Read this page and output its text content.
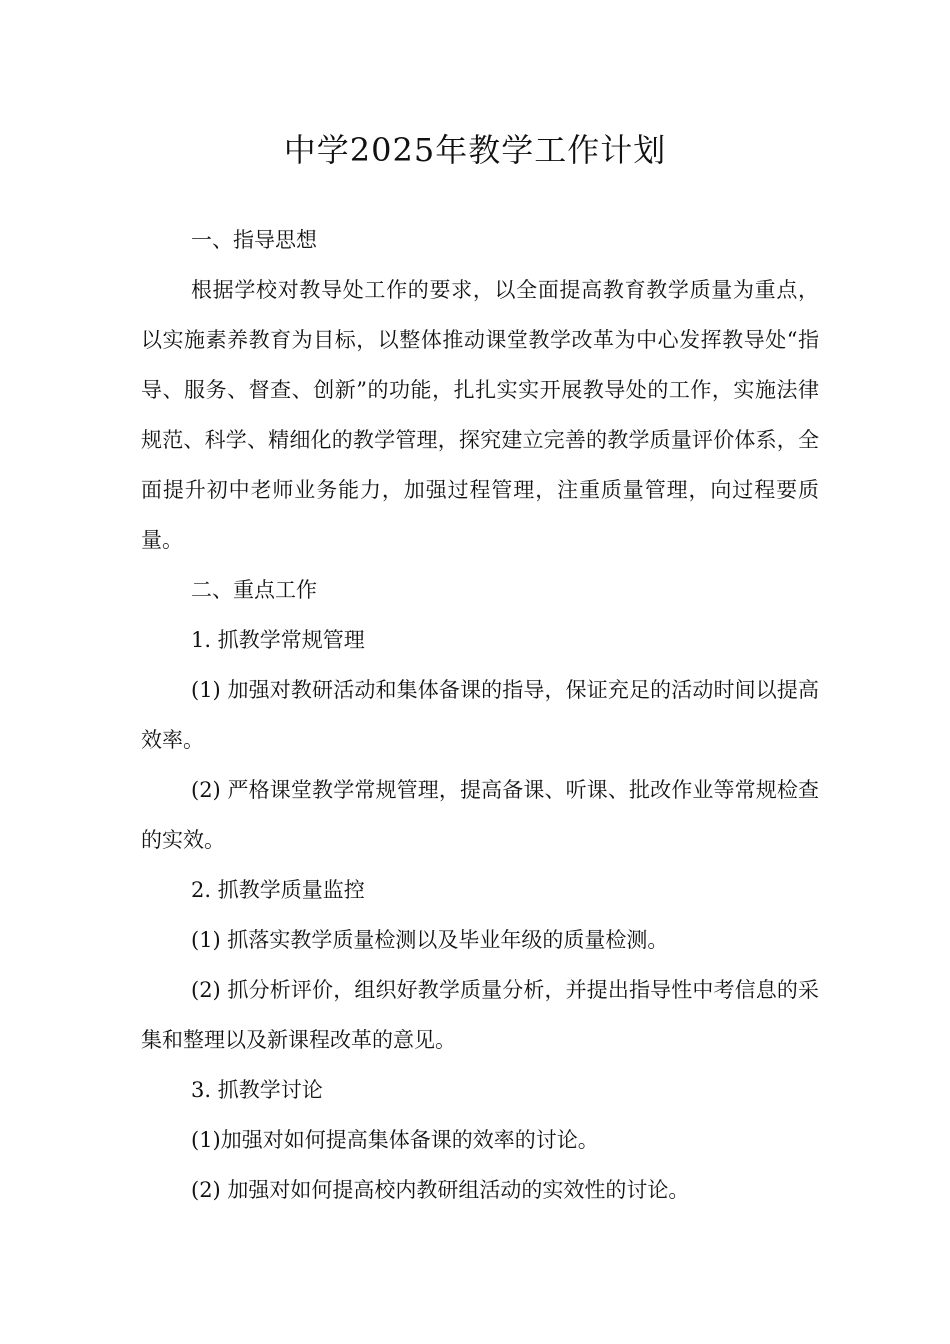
中学2025年教学工作计划

一、指导思想

根据学校对教导处工作的要求，以全面提高教育教学质量为重点，以实施素养教育为目标，以整体推动课堂教学改革为中心发挥教导处“指导、服务、督查、创新”的功能，扎扎实实开展教导处的工作，实施法律规范、科学、精细化的教学管理，探究建立完善的教学质量评价体系，全面提升初中老师业务能力，加强过程管理，注重质量管理，向过程要质量。

二、重点工作

1. 抓教学常规管理

(1) 加强对教研活动和集体备课的指导，保证充足的活动时间以提高效率。

(2) 严格课堂教学常规管理，提高备课、听课、批改作业等常规检查的实效。

2. 抓教学质量监控

(1) 抓落实教学质量检测以及毕业年级的质量检测。

(2) 抓分析评价，组织好教学质量分析，并提出指导性中考信息的采集和整理以及新课程改革的意见。

3. 抓教学讨论

(1)加强对如何提高集体备课的效率的讨论。

(2) 加强对如何提高校内教研组活动的实效性的讨论。
